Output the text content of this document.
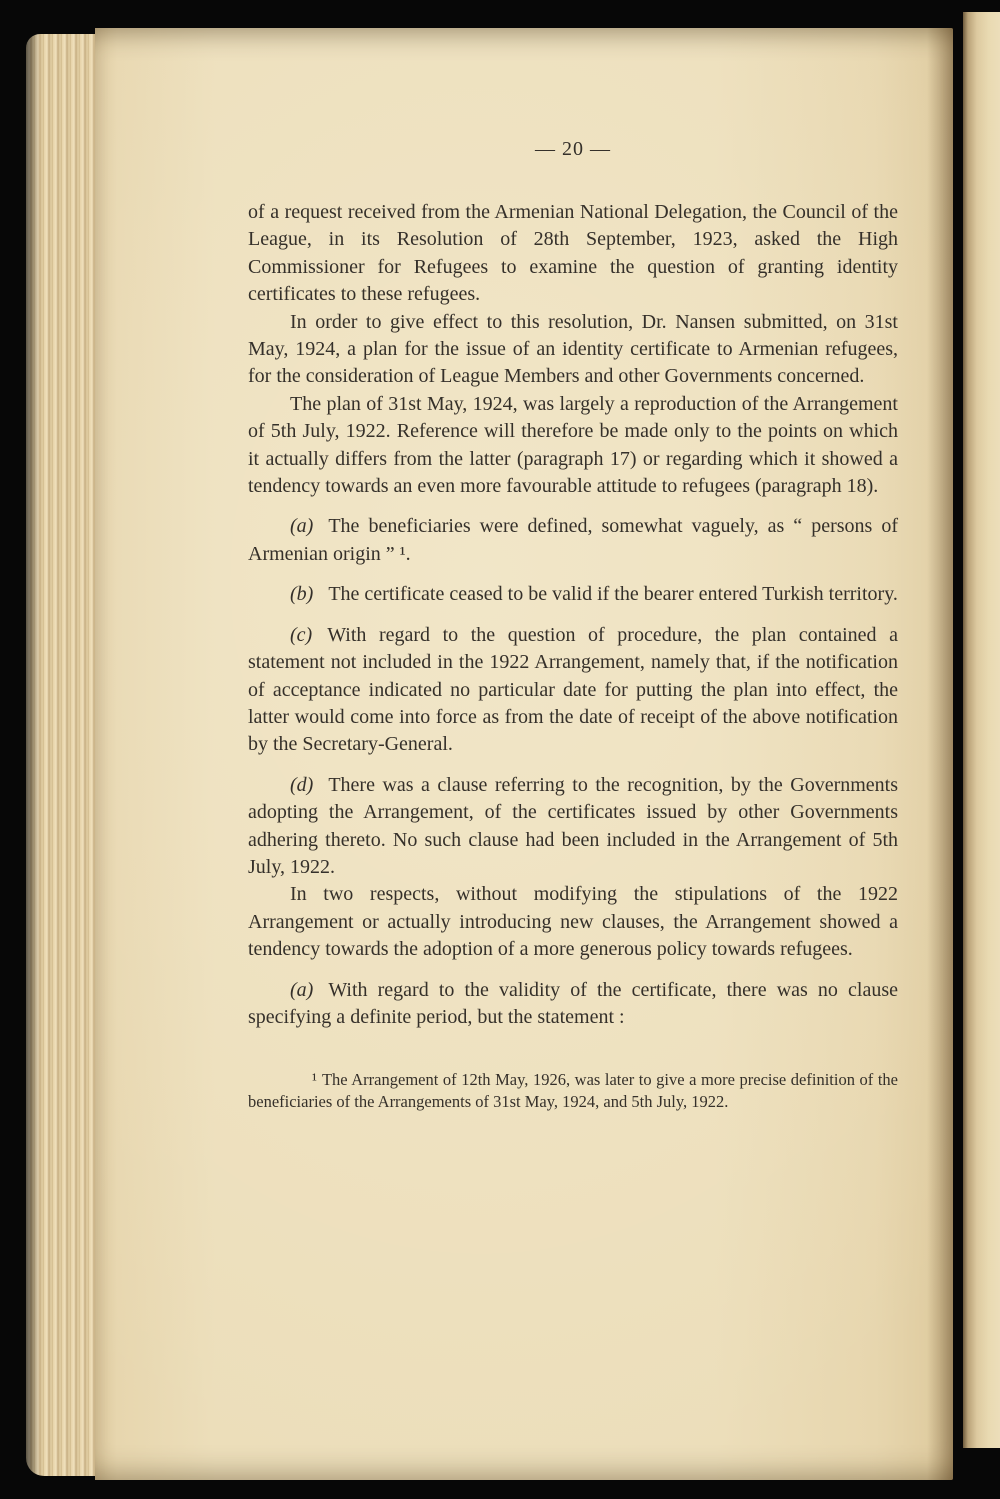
— 20 —

of a request received from the Armenian National Delegation, the Council of the League, in its Resolution of 28th September, 1923, asked the High Commissioner for Refugees to examine the question of granting identity certificates to these refugees.

In order to give effect to this resolution, Dr. Nansen submitted, on 31st May, 1924, a plan for the issue of an identity certificate to Armenian refugees, for the consideration of League Members and other Governments concerned.

The plan of 31st May, 1924, was largely a reproduction of the Arrangement of 5th July, 1922. Reference will therefore be made only to the points on which it actually differs from the latter (paragraph 17) or regarding which it showed a tendency towards an even more favourable attitude to refugees (paragraph 18).

(a) The beneficiaries were defined, somewhat vaguely, as “ persons of Armenian origin ” ¹.

(b) The certificate ceased to be valid if the bearer entered Turkish territory.

(c) With regard to the question of procedure, the plan contained a statement not included in the 1922 Arrangement, namely that, if the notification of acceptance indicated no particular date for putting the plan into effect, the latter would come into force as from the date of receipt of the above notification by the Secretary-General.

(d) There was a clause referring to the recognition, by the Governments adopting the Arrangement, of the certificates issued by other Governments adhering thereto. No such clause had been included in the Arrangement of 5th July, 1922.

In two respects, without modifying the stipulations of the 1922 Arrangement or actually introducing new clauses, the Arrangement showed a tendency towards the adoption of a more generous policy towards refugees.

(a) With regard to the validity of the certificate, there was no clause specifying a definite period, but the statement :

¹ The Arrangement of 12th May, 1926, was later to give a more precise definition of the beneficiaries of the Arrangements of 31st May, 1924, and 5th July, 1922.
